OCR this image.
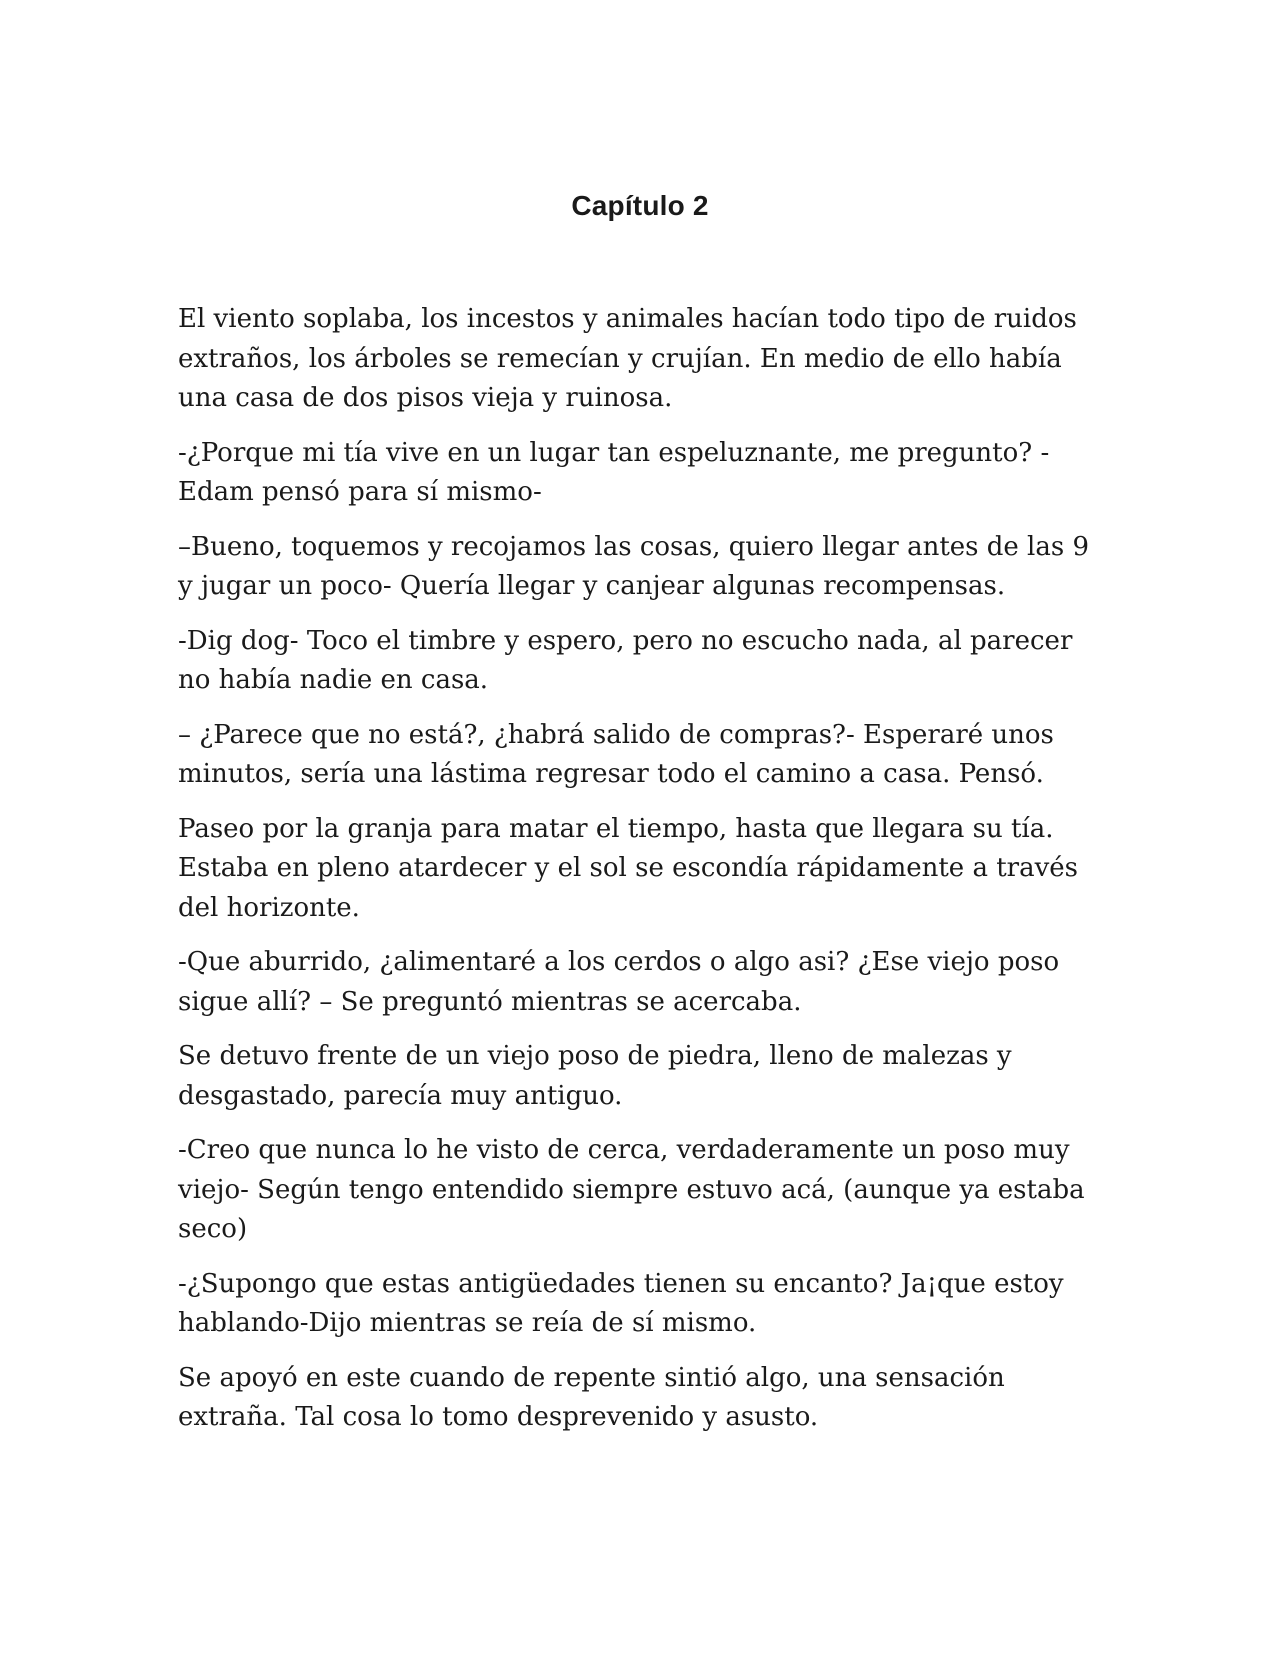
Capítulo 2

El viento soplaba, los incestos y animales hacían todo tipo de ruidos extraños, los árboles se remecían y crujían. En medio de ello había una casa de dos pisos vieja y ruinosa.

-¿Porque mi tía vive en un lugar tan espeluznante, me pregunto? -Edam pensó para sí mismo-

–Bueno, toquemos y recojamos las cosas, quiero llegar antes de las 9 y jugar un poco- Quería llegar y canjear algunas recompensas.

-Dig dog- Toco el timbre y espero, pero no escucho nada, al parecer no había nadie en casa.

– ¿Parece que no está?, ¿habrá salido de compras?- Esperaré unos minutos, sería una lástima regresar todo el camino a casa. Pensó.

Paseo por la granja para matar el tiempo, hasta que llegara su tía. Estaba en pleno atardecer y el sol se escondía rápidamente a través del horizonte.

-Que aburrido, ¿alimentaré a los cerdos o algo asi? ¿Ese viejo poso sigue allí? – Se preguntó mientras se acercaba.

Se detuvo frente de un viejo poso de piedra, lleno de malezas y desgastado, parecía muy antiguo.

-Creo que nunca lo he visto de cerca, verdaderamente un poso muy viejo- Según tengo entendido siempre estuvo acá, (aunque ya estaba seco)

-¿Supongo que estas antigüedades tienen su encanto? Ja¡que estoy hablando-Dijo mientras se reía de sí mismo.

Se apoyó en este cuando de repente sintió algo, una sensación extraña. Tal cosa lo tomo desprevenido y asusto.
